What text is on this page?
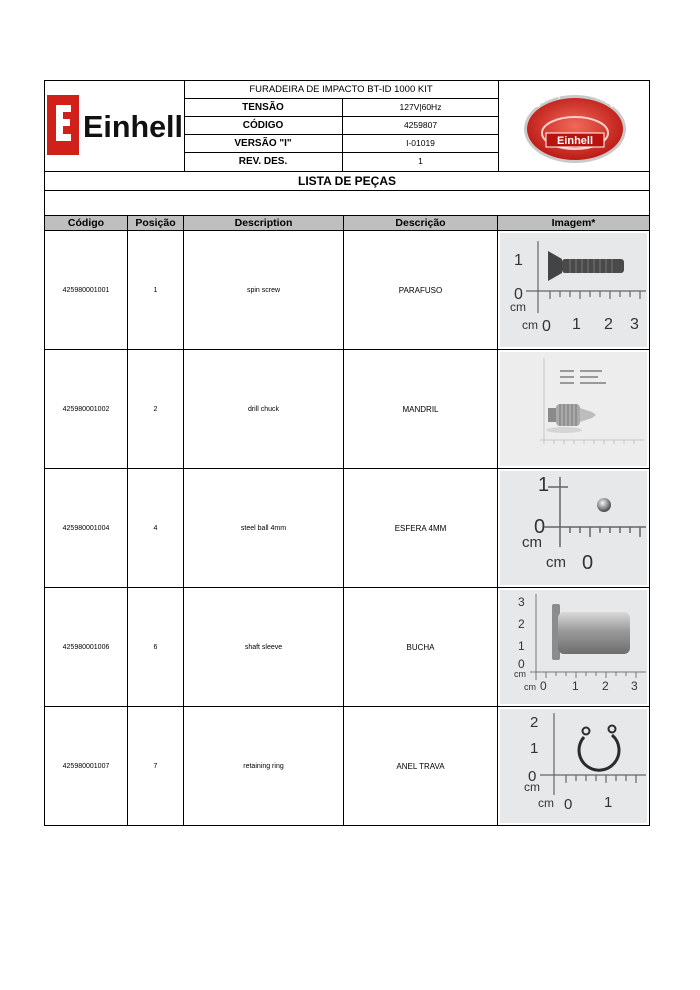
Einhell
FURADEIRA DE IMPACTO BT-ID 1000 KIT
TENSÃO	127V|60Hz
CÓDIGO	4259807
VERSÃO "I"	I-01019
REV. DES.	1
Serviço Autorizado
Einhell
LISTA DE PEÇAS
Código	Posição	Description	Descrição	Imagem*
425980001001	1	spin screw	PARAFUSO
1
0
cm
cm 0 1 2 3
425980001002	2	drill chuck	MANDRIL
425980001004	4	steel ball 4mm	ESFERA 4MM
1
0
cm
cm 0
425980001006	6	shaft sleeve	BUCHA
3
2
1
0
cm
cm 0 1 2 3
425980001007	7	retaining ring	ANEL TRAVA
2
1
0
cm
cm 0 1
